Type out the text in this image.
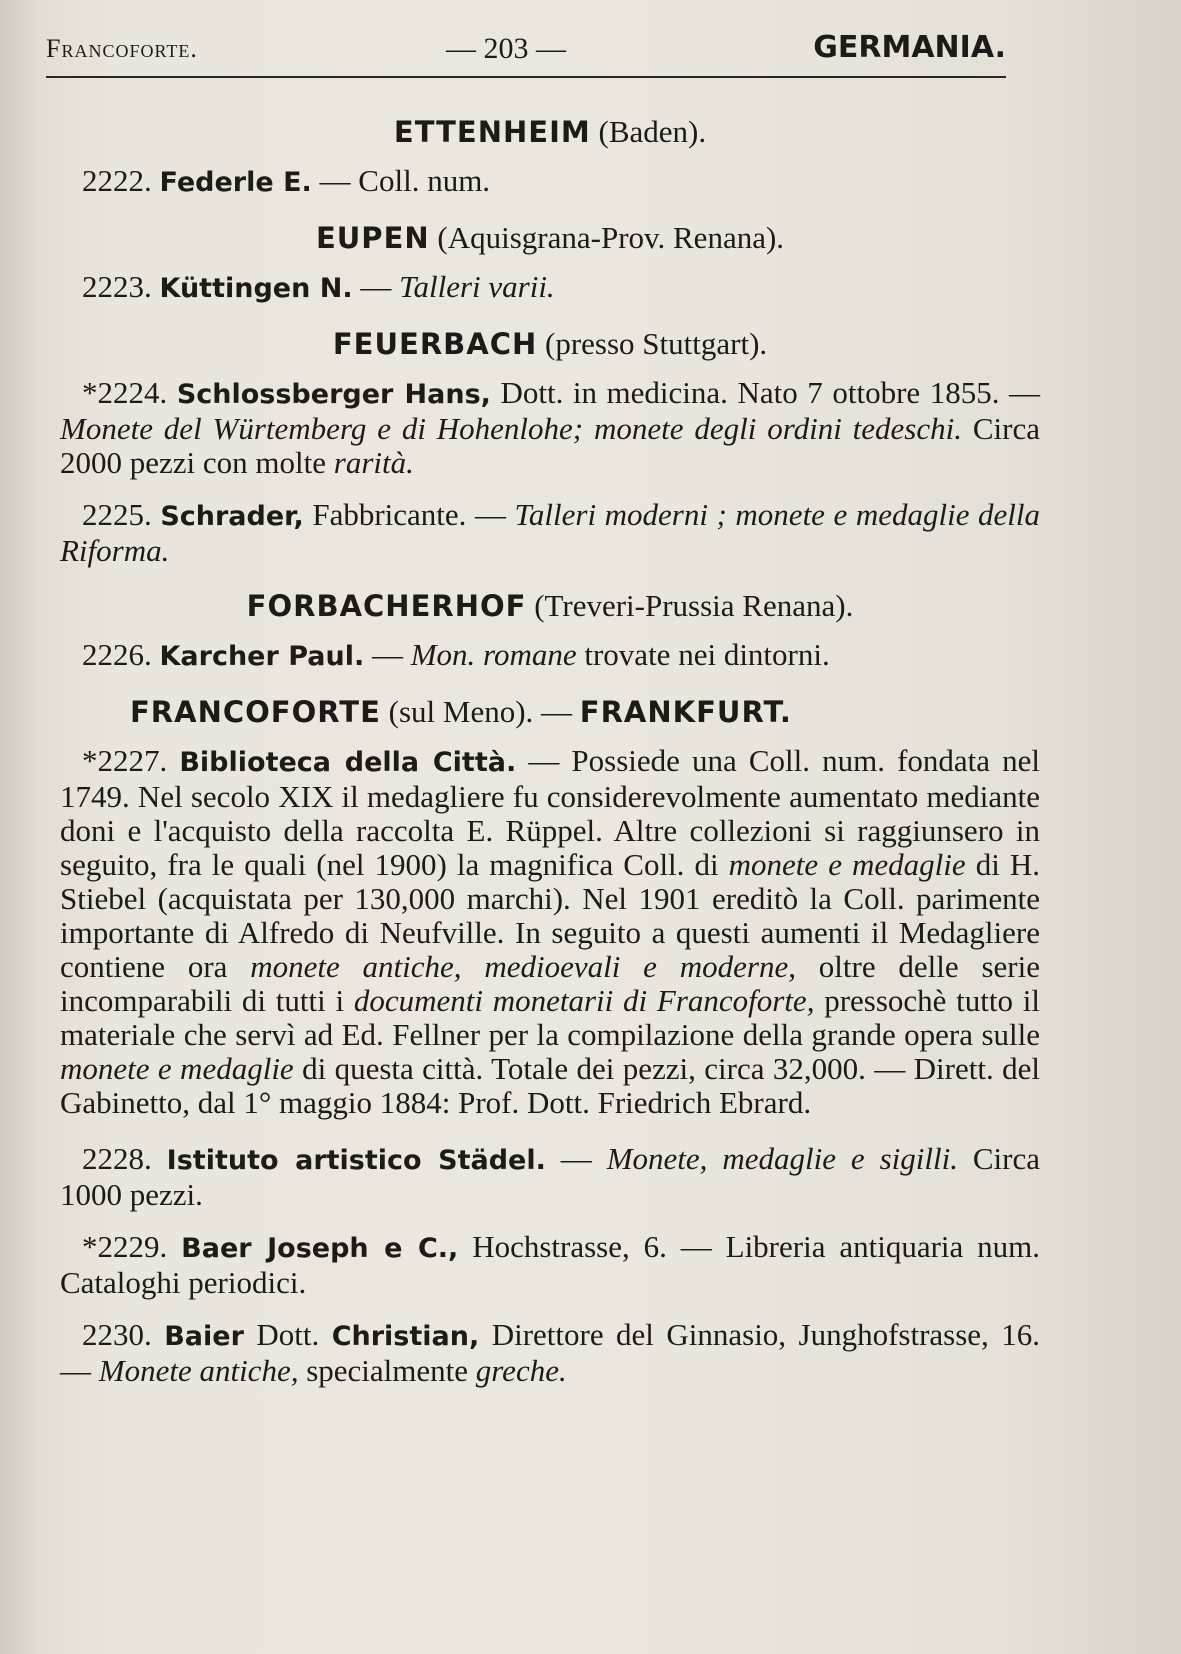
Francoforte.	— 203 —	GERMANIA.
ETTENHEIM (Baden).

2222. Federle E. — Coll. num.

EUPEN (Aquisgrana-Prov. Renana).

2223. Küttingen N. — Talleri varii.

FEUERBACH (presso Stuttgart).

*2224. Schlossberger Hans, Dott. in medicina. Nato 7 ottobre 1855. — Monete del Würtemberg e di Hohenlohe; monete degli ordini tedeschi. Circa 2000 pezzi con molte rarità.

2225. Schrader, Fabbricante. — Talleri moderni ; monete e medaglie della Riforma.

FORBACHERHOF (Treveri-Prussia Renana).

2226. Karcher Paul. — Mon. romane trovate nei dintorni.

FRANCOFORTE (sul Meno). — FRANKFURT.

*2227. Biblioteca della Città. — Possiede una Coll. num. fondata nel 1749. Nel secolo XIX il medagliere fu considerevolmente aumentato mediante doni e l'acquisto della raccolta E. Rüppel. Altre collezioni si raggiunsero in seguito, fra le quali (nel 1900) la magnifica Coll. di monete e medaglie di H. Stiebel (acquistata per 130,000 marchi). Nel 1901 ereditò la Coll. parimente importante di Alfredo di Neufville. In seguito a questi aumenti il Medagliere contiene ora monete antiche, medioevali e moderne, oltre delle serie incomparabili di tutti i documenti monetarii di Francoforte, pressochè tutto il materiale che servì ad Ed. Fellner per la compilazione della grande opera sulle monete e medaglie di questa città. Totale dei pezzi, circa 32,000. — Dirett. del Gabinetto, dal 1° maggio 1884: Prof. Dott. Friedrich Ebrard.

2228. Istituto artistico Städel. — Monete, medaglie e sigilli. Circa 1000 pezzi.

*2229. Baer Joseph e C., Hochstrasse, 6. — Libreria antiquaria num. Cataloghi periodici.

2230. Baier Dott. Christian, Direttore del Ginnasio, Junghofstrasse, 16. — Monete antiche, specialmente greche.
